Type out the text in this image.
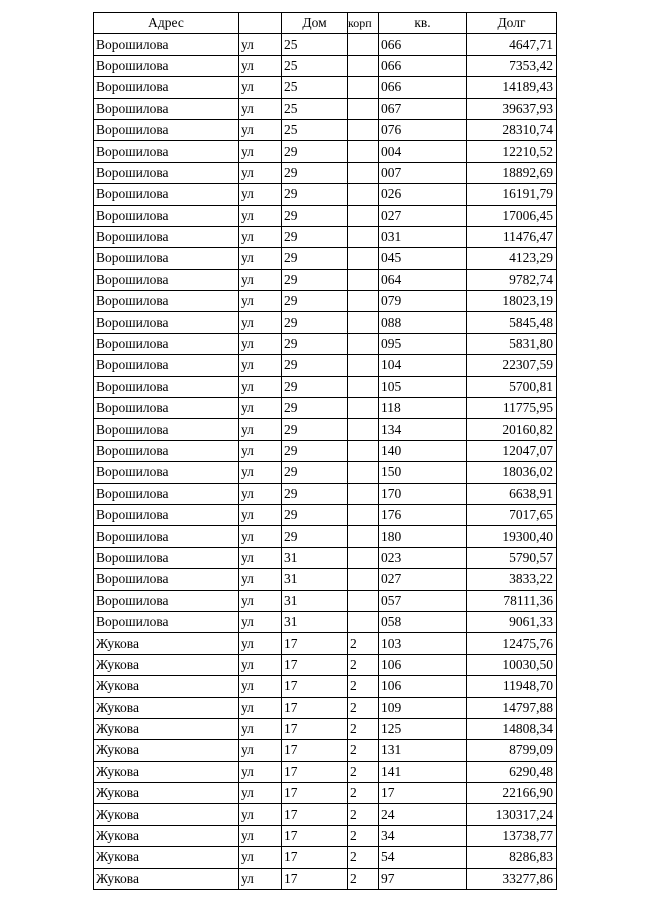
Адрес		Дом	корп	кв.	Долг
Ворошилова	ул	25		066	4647,71
Ворошилова	ул	25		066	7353,42
Ворошилова	ул	25		066	14189,43
Ворошилова	ул	25		067	39637,93
Ворошилова	ул	25		076	28310,74
Ворошилова	ул	29		004	12210,52
Ворошилова	ул	29		007	18892,69
Ворошилова	ул	29		026	16191,79
Ворошилова	ул	29		027	17006,45
Ворошилова	ул	29		031	11476,47
Ворошилова	ул	29		045	4123,29
Ворошилова	ул	29		064	9782,74
Ворошилова	ул	29		079	18023,19
Ворошилова	ул	29		088	5845,48
Ворошилова	ул	29		095	5831,80
Ворошилова	ул	29		104	22307,59
Ворошилова	ул	29		105	5700,81
Ворошилова	ул	29		118	11775,95
Ворошилова	ул	29		134	20160,82
Ворошилова	ул	29		140	12047,07
Ворошилова	ул	29		150	18036,02
Ворошилова	ул	29		170	6638,91
Ворошилова	ул	29		176	7017,65
Ворошилова	ул	29		180	19300,40
Ворошилова	ул	31		023	5790,57
Ворошилова	ул	31		027	3833,22
Ворошилова	ул	31		057	78111,36
Ворошилова	ул	31		058	9061,33
Жукова	ул	17	2	103	12475,76
Жукова	ул	17	2	106	10030,50
Жукова	ул	17	2	106	11948,70
Жукова	ул	17	2	109	14797,88
Жукова	ул	17	2	125	14808,34
Жукова	ул	17	2	131	8799,09
Жукова	ул	17	2	141	6290,48
Жукова	ул	17	2	17	22166,90
Жукова	ул	17	2	24	130317,24
Жукова	ул	17	2	34	13738,77
Жукова	ул	17	2	54	8286,83
Жукова	ул	17	2	97	33277,86
